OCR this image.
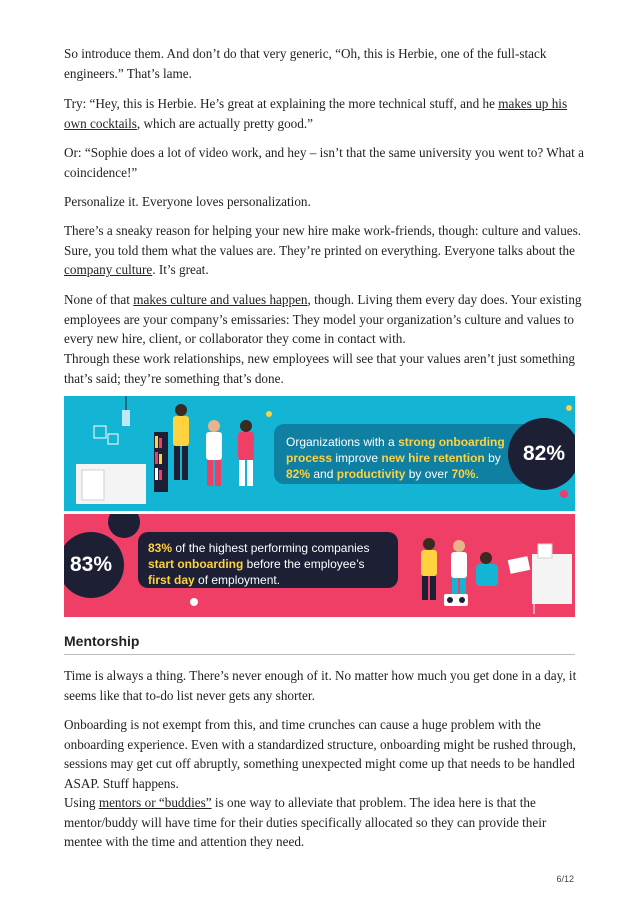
So introduce them. And don’t do that very generic, “Oh, this is Herbie, one of the full-stack engineers.” That’s lame.

Try: “Hey, this is Herbie. He’s great at explaining the more technical stuff, and he makes up his own cocktails, which are actually pretty good.”

Or: “Sophie does a lot of video work, and hey – isn’t that the same university you went to? What a coincidence!”

Personalize it. Everyone loves personalization.

There’s a sneaky reason for helping your new hire make work-friends, though: culture and values. Sure, you told them what the values are. They’re printed on everything. Everyone talks about the company culture. It’s great.

None of that makes culture and values happen, though. Living them every day does. Your existing employees are your company’s emissaries: They model your organization’s culture and values to every new hire, client, or collaborator they come in contact with.

Through these work relationships, new employees will see that your values aren’t just something that’s said; they’re something that’s done.

Organizations with a strong onboarding
process improve new hire retention by
82% and productivity by over 70%.
82%
83%
83% of the highest performing companies
start onboarding before the employee’s
first day of employment.
Mentorship

Time is always a thing. There’s never enough of it. No matter how much you get done in a day, it seems like that to-do list never gets any shorter.

Onboarding is not exempt from this, and time crunches can cause a huge problem with the onboarding experience. Even with a standardized structure, onboarding might be rushed through, sessions may get cut off abruptly, something unexpected might come up that needs to be handled ASAP. Stuff happens.

Using mentors or “buddies” is one way to alleviate that problem. The idea here is that the mentor/buddy will have time for their duties specifically allocated so they can provide their mentee with the time and attention they need.

6/12
